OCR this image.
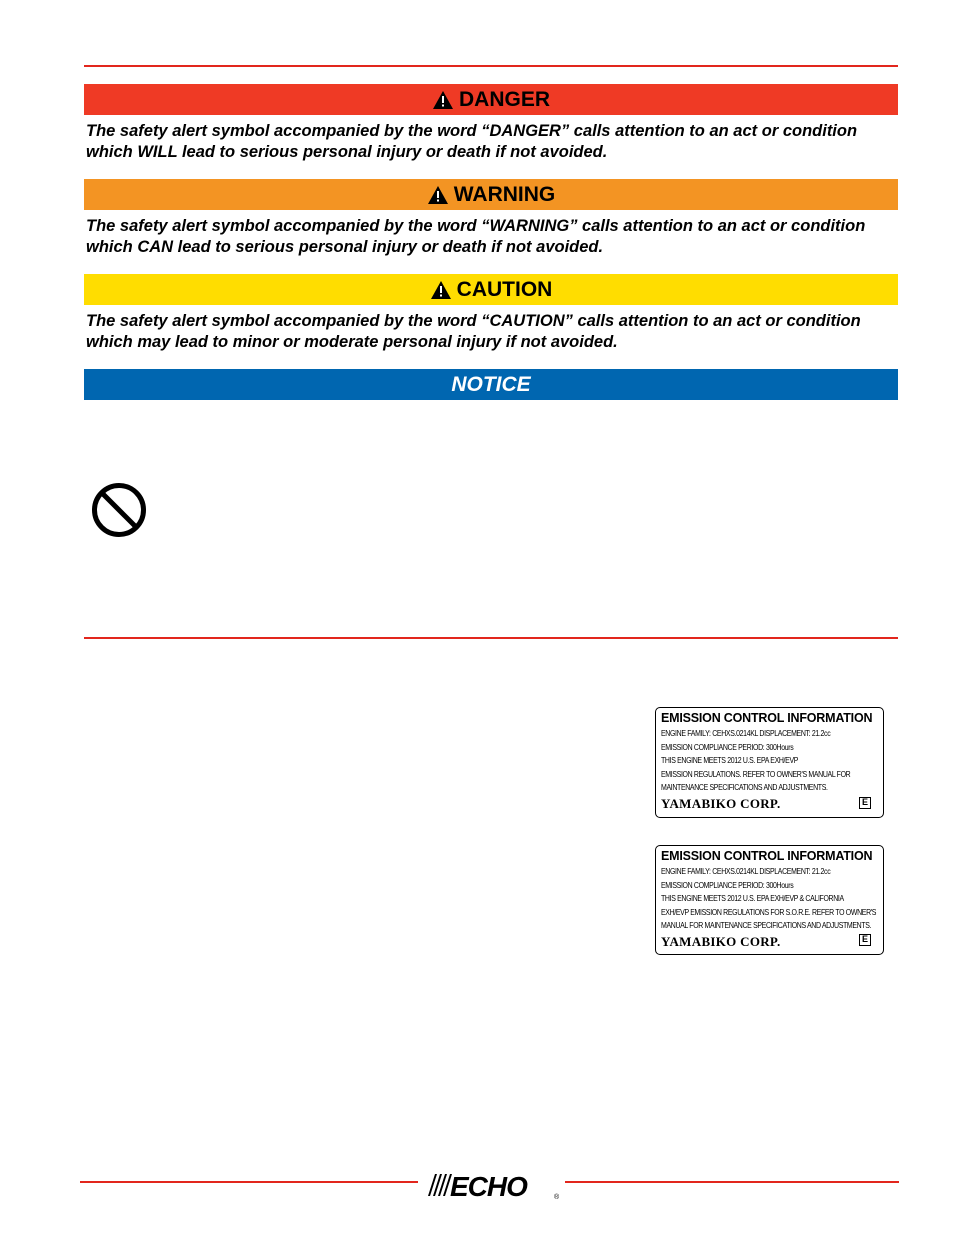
DANGER
The safety alert symbol accompanied by the word “DANGER” calls attention to an act or condition
which WILL lead to serious personal injury or death if not avoided.
WARNING
The safety alert symbol accompanied by the word “WARNING” calls attention to an act or condition
which CAN lead to serious personal injury or death if not avoided.
CAUTION
The safety alert symbol accompanied by the word “CAUTION” calls attention to an act or condition
which may lead to minor or moderate personal injury if not avoided.
NOTICE
EMISSION CONTROL INFORMATION
ENGINE FAMILY: CEHXS.0214KL DISPLACEMENT: 21.2cc
EMISSION COMPLIANCE PERIOD: 300Hours
THIS ENGINE MEETS 2012 U.S. EPA EXH/EVP
EMISSION REGULATIONS. REFER TO OWNER'S MANUAL FOR
MAINTENANCE SPECIFICATIONS AND ADJUSTMENTS.
YAMABIKO CORP.	E
EMISSION CONTROL INFORMATION
ENGINE FAMILY: CEHXS.0214KL DISPLACEMENT: 21.2cc
EMISSION COMPLIANCE PERIOD: 300Hours
THIS ENGINE MEETS 2012 U.S. EPA EXH/EVP & CALIFORNIA
EXH/EVP EMISSION REGULATIONS FOR S.O.R.E. REFER TO OWNER'S
MANUAL FOR MAINTENANCE SPECIFICATIONS AND ADJUSTMENTS.
YAMABIKO CORP.	E
ECHO	®
